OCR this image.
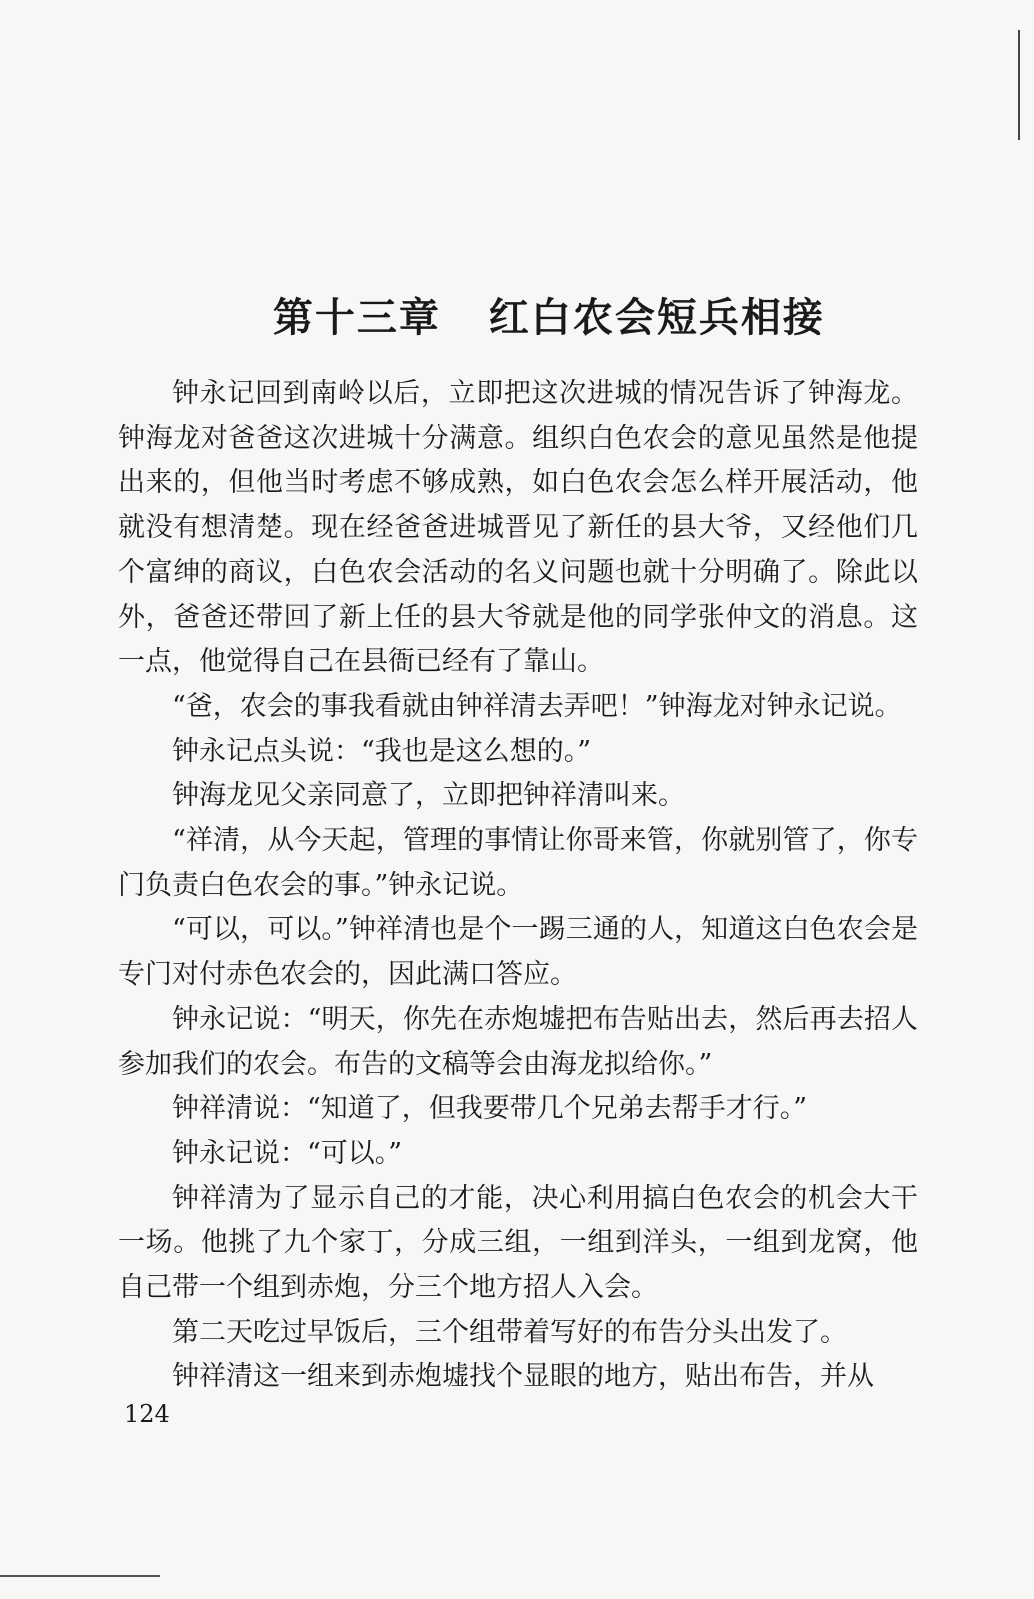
第十三章 红白农会短兵相接

钟永记回到南岭以后，立即把这次进城的情况告诉了钟海龙。钟海龙对爸爸这次进城十分满意。组织白色农会的意见虽然是他提出来的，但他当时考虑不够成熟，如白色农会怎么样开展活动，他就没有想清楚。现在经爸爸进城晋见了新任的县大爷，又经他们几个富绅的商议，白色农会活动的名义问题也就十分明确了。除此以外，爸爸还带回了新上任的县大爷就是他的同学张仲文的消息。这一点，他觉得自己在县衙已经有了靠山。

“爸，农会的事我看就由钟祥清去弄吧！”钟海龙对钟永记说。

钟永记点头说：“我也是这么想的。”

钟海龙见父亲同意了，立即把钟祥清叫来。

“祥清，从今天起，管理的事情让你哥来管，你就别管了，你专门负责白色农会的事。”钟永记说。

“可以，可以。”钟祥清也是个一踢三通的人，知道这白色农会是专门对付赤色农会的，因此满口答应。

钟永记说：“明天，你先在赤炮墟把布告贴出去，然后再去招人参加我们的农会。布告的文稿等会由海龙拟给你。”

钟祥清说：“知道了，但我要带几个兄弟去帮手才行。”

钟永记说：“可以。”

钟祥清为了显示自己的才能，决心利用搞白色农会的机会大干一场。他挑了九个家丁，分成三组，一组到洋头，一组到龙窝，他自己带一个组到赤炮，分三个地方招人入会。

第二天吃过早饭后，三个组带着写好的布告分头出发了。

钟祥清这一组来到赤炮墟找个显眼的地方，贴出布告，并从

124
